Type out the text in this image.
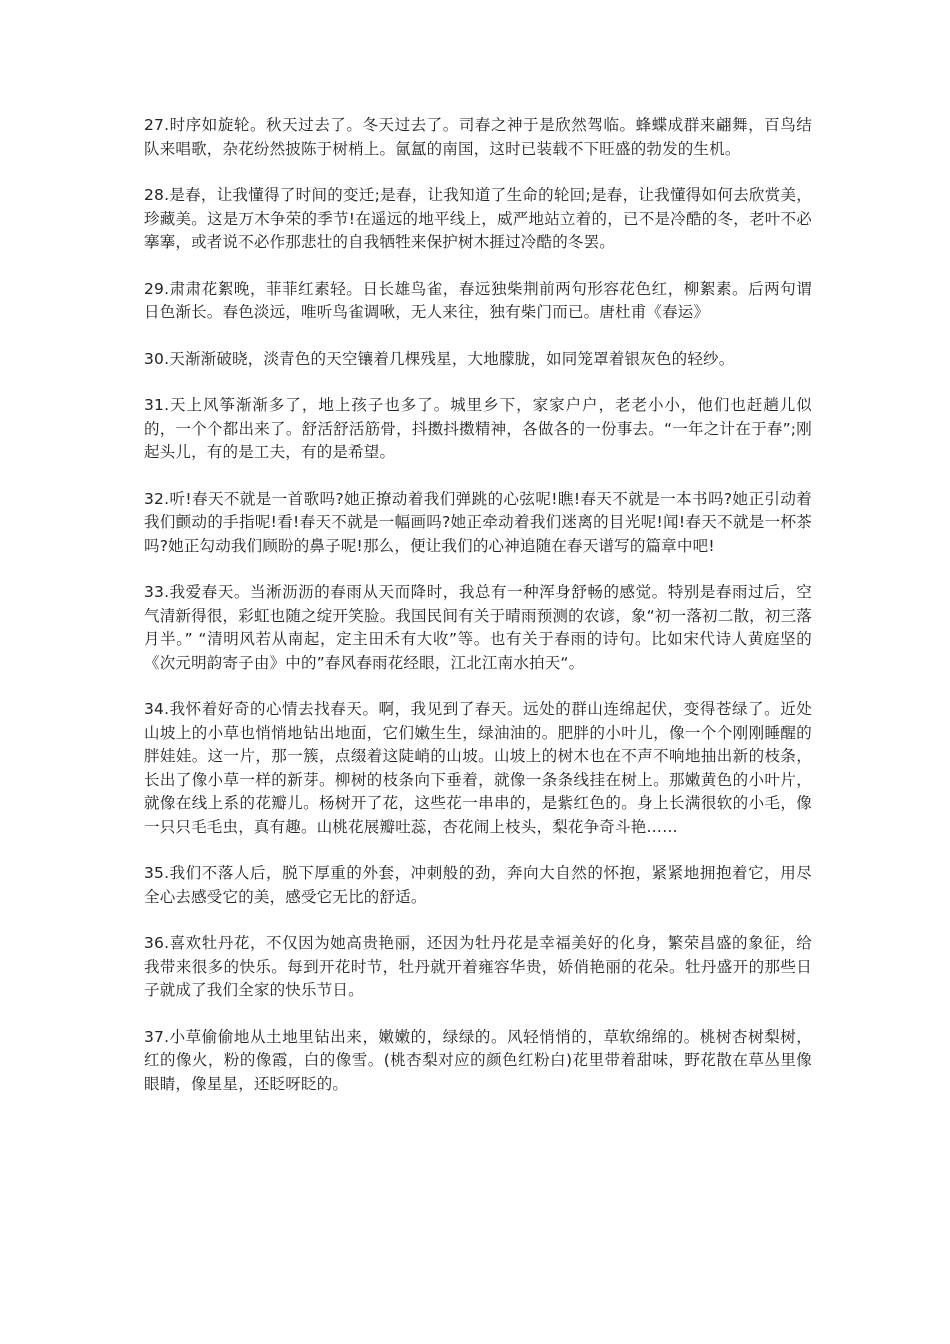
27.时序如旋轮。秋天过去了。冬天过去了。司春之神于是欣然驾临。蜂蝶成群来翩舞，百鸟结队来唱歌，杂花纷然披陈于树梢上。氤氲的南国，这时已装载不下旺盛的勃发的生机。

28.是春，让我懂得了时间的变迁;是春，让我知道了生命的轮回;是春，让我懂得如何去欣赏美，珍藏美。这是万木争荣的季节!在遥远的地平线上，威严地站立着的，已不是冷酷的冬，老叶不必搴搴，或者说不必作那悲壮的自我牺牲来保护树木捱过冷酷的冬罢。

29.肃肃花絮晚，菲菲红素轻。日长雄鸟雀，春远独柴荆前两句形容花色红，柳絮素。后两句谓日色渐长。春色淡远，唯听鸟雀调啾，无人来往，独有柴门而已。唐杜甫《春运》

30.天渐渐破晓，淡青色的天空镶着几棵残星，大地朦胧，如同笼罩着银灰色的轻纱。

31.天上风筝渐渐多了，地上孩子也多了。城里乡下，家家户户，老老小小，他们也赶趟儿似的，一个个都出来了。舒活舒活筋骨，抖擞抖擞精神，各做各的一份事去。“一年之计在于春”;刚起头儿，有的是工夫，有的是希望。

32.听!春天不就是一首歌吗?她正撩动着我们弹跳的心弦呢!瞧!春天不就是一本书吗?她正引动着我们颤动的手指呢!看!春天不就是一幅画吗?她正牵动着我们迷离的目光呢!闻!春天不就是一杯茶吗?她正勾动我们顾盼的鼻子呢!那么，便让我们的心神追随在春天谱写的篇章中吧!

33.我爱春天。当淅沥沥的春雨从天而降时，我总有一种浑身舒畅的感觉。特别是春雨过后，空气清新得很，彩虹也随之绽开笑脸。我国民间有关于晴雨预测的农谚，象“初一落初二散，初三落月半。” “清明风若从南起，定主田禾有大收”等。也有关于春雨的诗句。比如宋代诗人黄庭坚的《次元明韵寄子由》中的”春风春雨花经眼，江北江南水拍天“。

34.我怀着好奇的心情去找春天。啊，我见到了春天。远处的群山连绵起伏，变得苍绿了。近处山坡上的小草也悄悄地钻出地面，它们嫩生生，绿油油的。肥胖的小叶儿，像一个个刚刚睡醒的胖娃娃。这一片，那一簇，点缀着这陡峭的山坡。山坡上的树木也在不声不响地抽出新的枝条，长出了像小草一样的新芽。柳树的枝条向下垂着，就像一条条线挂在树上。那嫩黄色的小叶片，就像在线上系的花瓣儿。杨树开了花，这些花一串串的，是紫红色的。身上长满很软的小毛，像一只只毛毛虫，真有趣。山桃花展瓣吐蕊，杏花闹上枝头，梨花争奇斗艳……

35.我们不落人后，脱下厚重的外套，冲刺般的劲，奔向大自然的怀抱，紧紧地拥抱着它，用尽全心去感受它的美，感受它无比的舒适。

36.喜欢牡丹花，不仅因为她高贵艳丽，还因为牡丹花是幸福美好的化身，繁荣昌盛的象征，给我带来很多的快乐。每到开花时节，牡丹就开着雍容华贵，娇俏艳丽的花朵。牡丹盛开的那些日子就成了我们全家的快乐节日。

37.小草偷偷地从土地里钻出来，嫩嫩的，绿绿的。风轻悄悄的，草软绵绵的。桃树杏树梨树，红的像火，粉的像霞，白的像雪。(桃杏梨对应的颜色红粉白)花里带着甜味，野花散在草丛里像眼睛，像星星，还眨呀眨的。
